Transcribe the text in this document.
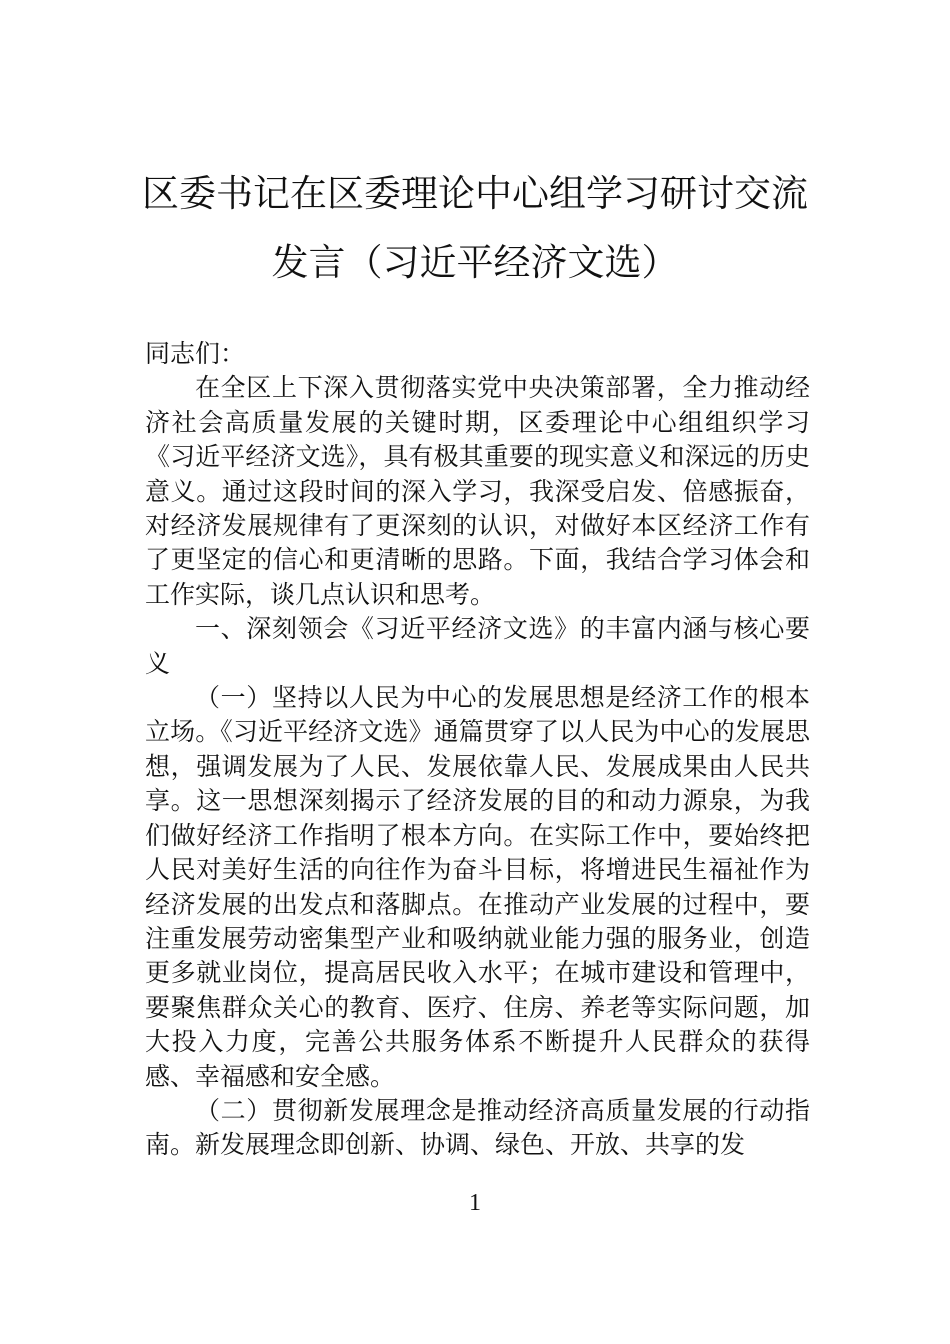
区委书记在区委理论中心组学习研讨交流
发言（习近平经济文选）

同志们：

在全区上下深入贯彻落实党中央决策部署，全力推动经济社会高质量发展的关键时期，区委理论中心组组织学习《习近平经济文选》，具有极其重要的现实意义和深远的历史意义。通过这段时间的深入学习，我深受启发、倍感振奋，对经济发展规律有了更深刻的认识，对做好本区经济工作有了更坚定的信心和更清晰的思路。下面，我结合学习体会和工作实际，谈几点认识和思考。

一、深刻领会《习近平经济文选》的丰富内涵与核心要义

（一）坚持以人民为中心的发展思想是经济工作的根本立场。《习近平经济文选》通篇贯穿了以人民为中心的发展思想，强调发展为了人民、发展依靠人民、发展成果由人民共享。这一思想深刻揭示了经济发展的目的和动力源泉，为我们做好经济工作指明了根本方向。在实际工作中，要始终把人民对美好生活的向往作为奋斗目标，将增进民生福祉作为经济发展的出发点和落脚点。在推动产业发展的过程中，要注重发展劳动密集型产业和吸纳就业能力强的服务业，创造更多就业岗位，提高居民收入水平；在城市建设和管理中，要聚焦群众关心的教育、医疗、住房、养老等实际问题，加大投入力度，完善公共服务体系不断提升人民群众的获得感、幸福感和安全感。

（二）贯彻新发展理念是推动经济高质量发展的行动指南。新发展理念即创新、协调、绿色、开放、共享的发

1
